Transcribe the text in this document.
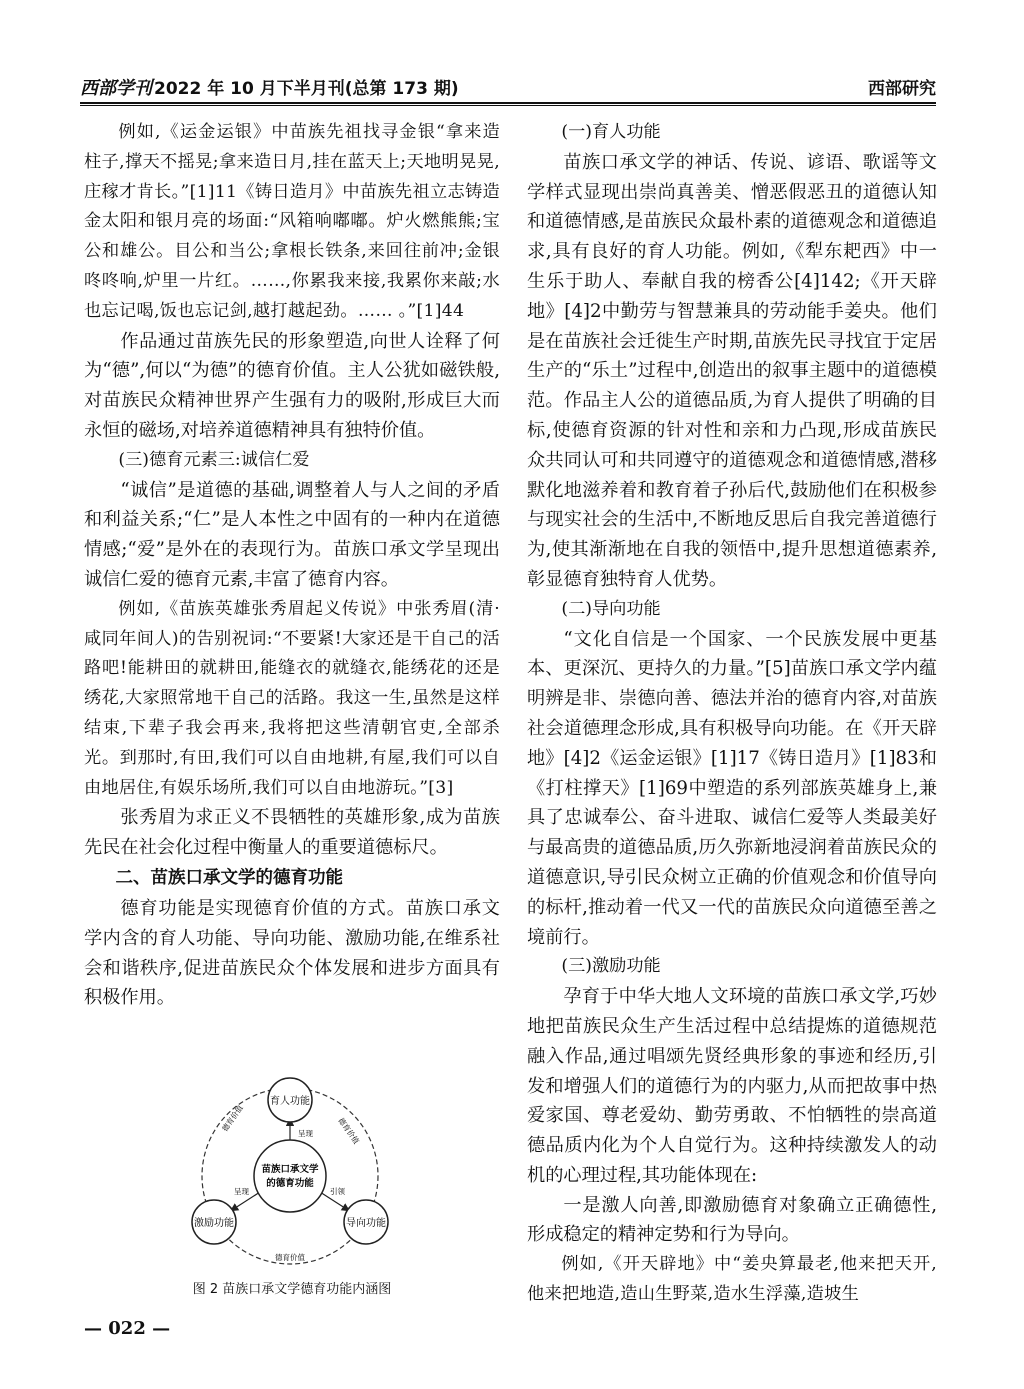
西部学刊 2022 年 10 月下半月刊(总第 173 期)	西部研究

例如,《运金运银》中苗族先祖找寻金银“拿来造柱子,撑天不摇晃;拿来造日月,挂在蓝天上;天地明晃晃,庄稼才肯长。”[1]11《铸日造月》中苗族先祖立志铸造金太阳和银月亮的场面:“风箱响嘟嘟。炉火燃熊熊;宝公和雄公。目公和当公;拿根长铁条,来回往前冲;金银咚咚响,炉里一片红。……,你累我来接,我累你来敲;水也忘记喝,饭也忘记剑,越打越起劲。…… 。”[1]44

作品通过苗族先民的形象塑造,向世人诠释了何为“德”,何以“为德”的德育价值。主人公犹如磁铁般,对苗族民众精神世界产生强有力的吸附,形成巨大而永恒的磁场,对培养道德精神具有独特价值。

(三)德育元素三:诚信仁爱

“诚信”是道德的基础,调整着人与人之间的矛盾和利益关系;“仁”是人本性之中固有的一种内在道德情感;“爱”是外在的表现行为。苗族口承文学呈现出诚信仁爱的德育元素,丰富了德育内容。

例如,《苗族英雄张秀眉起义传说》中张秀眉(清·咸同年间人)的告别祝词:“不要紧!大家还是干自己的活路吧!能耕田的就耕田,能缝衣的就缝衣,能绣花的还是绣花,大家照常地干自己的活路。我这一生,虽然是这样结束,下辈子我会再来,我将把这些清朝官吏,全部杀光。到那时,有田,我们可以自由地耕,有屋,我们可以自由地居住,有娱乐场所,我们可以自由地游玩。”[3]

张秀眉为求正义不畏牺牲的英雄形象,成为苗族先民在社会化过程中衡量人的重要道德标尺。

二、苗族口承文学的德育功能

德育功能是实现德育价值的方式。苗族口承文学内含的育人功能、导向功能、激励功能,在维系社会和谐秩序,促进苗族民众个体发展和进步方面具有积极作用。

苗族口承文学
的德育功能
育人功能
激励功能	导向功能
呈现
呈现	引领
德育价值	德育价值
德育价值
图 2 苗族口承文学德育功能内涵图

(一)育人功能

苗族口承文学的神话、传说、谚语、歌谣等文学样式显现出崇尚真善美、憎恶假恶丑的道德认知和道德情感,是苗族民众最朴素的道德观念和道德追求,具有良好的育人功能。例如,《犁东耙西》中一生乐于助人、奉献自我的榜香公[4]142;《开天辟地》[4]2中勤劳与智慧兼具的劳动能手姜央。他们是在苗族社会迁徙生产时期,苗族先民寻找宜于定居生产的“乐土”过程中,创造出的叙事主题中的道德模范。作品主人公的道德品质,为育人提供了明确的目标,使德育资源的针对性和亲和力凸现,形成苗族民众共同认可和共同遵守的道德观念和道德情感,潜移默化地滋养着和教育着子孙后代,鼓励他们在积极参与现实社会的生活中,不断地反思后自我完善道德行为,使其渐渐地在自我的领悟中,提升思想道德素养,彰显德育独特育人优势。

(二)导向功能

“文化自信是一个国家、一个民族发展中更基本、更深沉、更持久的力量。”[5]苗族口承文学内蕴明辨是非、崇德向善、德法并治的德育内容,对苗族社会道德理念形成,具有积极导向功能。在《开天辟地》[4]2《运金运银》[1]17《铸日造月》[1]83和《打柱撑天》[1]69中塑造的系列部族英雄身上,兼具了忠诚奉公、奋斗进取、诚信仁爱等人类最美好与最高贵的道德品质,历久弥新地浸润着苗族民众的道德意识,导引民众树立正确的价值观念和价值导向的标杆,推动着一代又一代的苗族民众向道德至善之境前行。

(三)激励功能

孕育于中华大地人文环境的苗族口承文学,巧妙地把苗族民众生产生活过程中总结提炼的道德规范融入作品,通过唱颂先贤经典形象的事迹和经历,引发和增强人们的道德行为的内驱力,从而把故事中热爱家国、尊老爱幼、勤劳勇敢、不怕牺牲的崇高道德品质内化为个人自觉行为。这种持续激发人的动机的心理过程,其功能体现在:

一是激人向善,即激励德育对象确立正确德性,形成稳定的精神定势和行为导向。

例如,《开天辟地》中“姜央算最老,他来把天开,他来把地造,造山生野菜,造水生浮藻,造坡生

— 022 —
